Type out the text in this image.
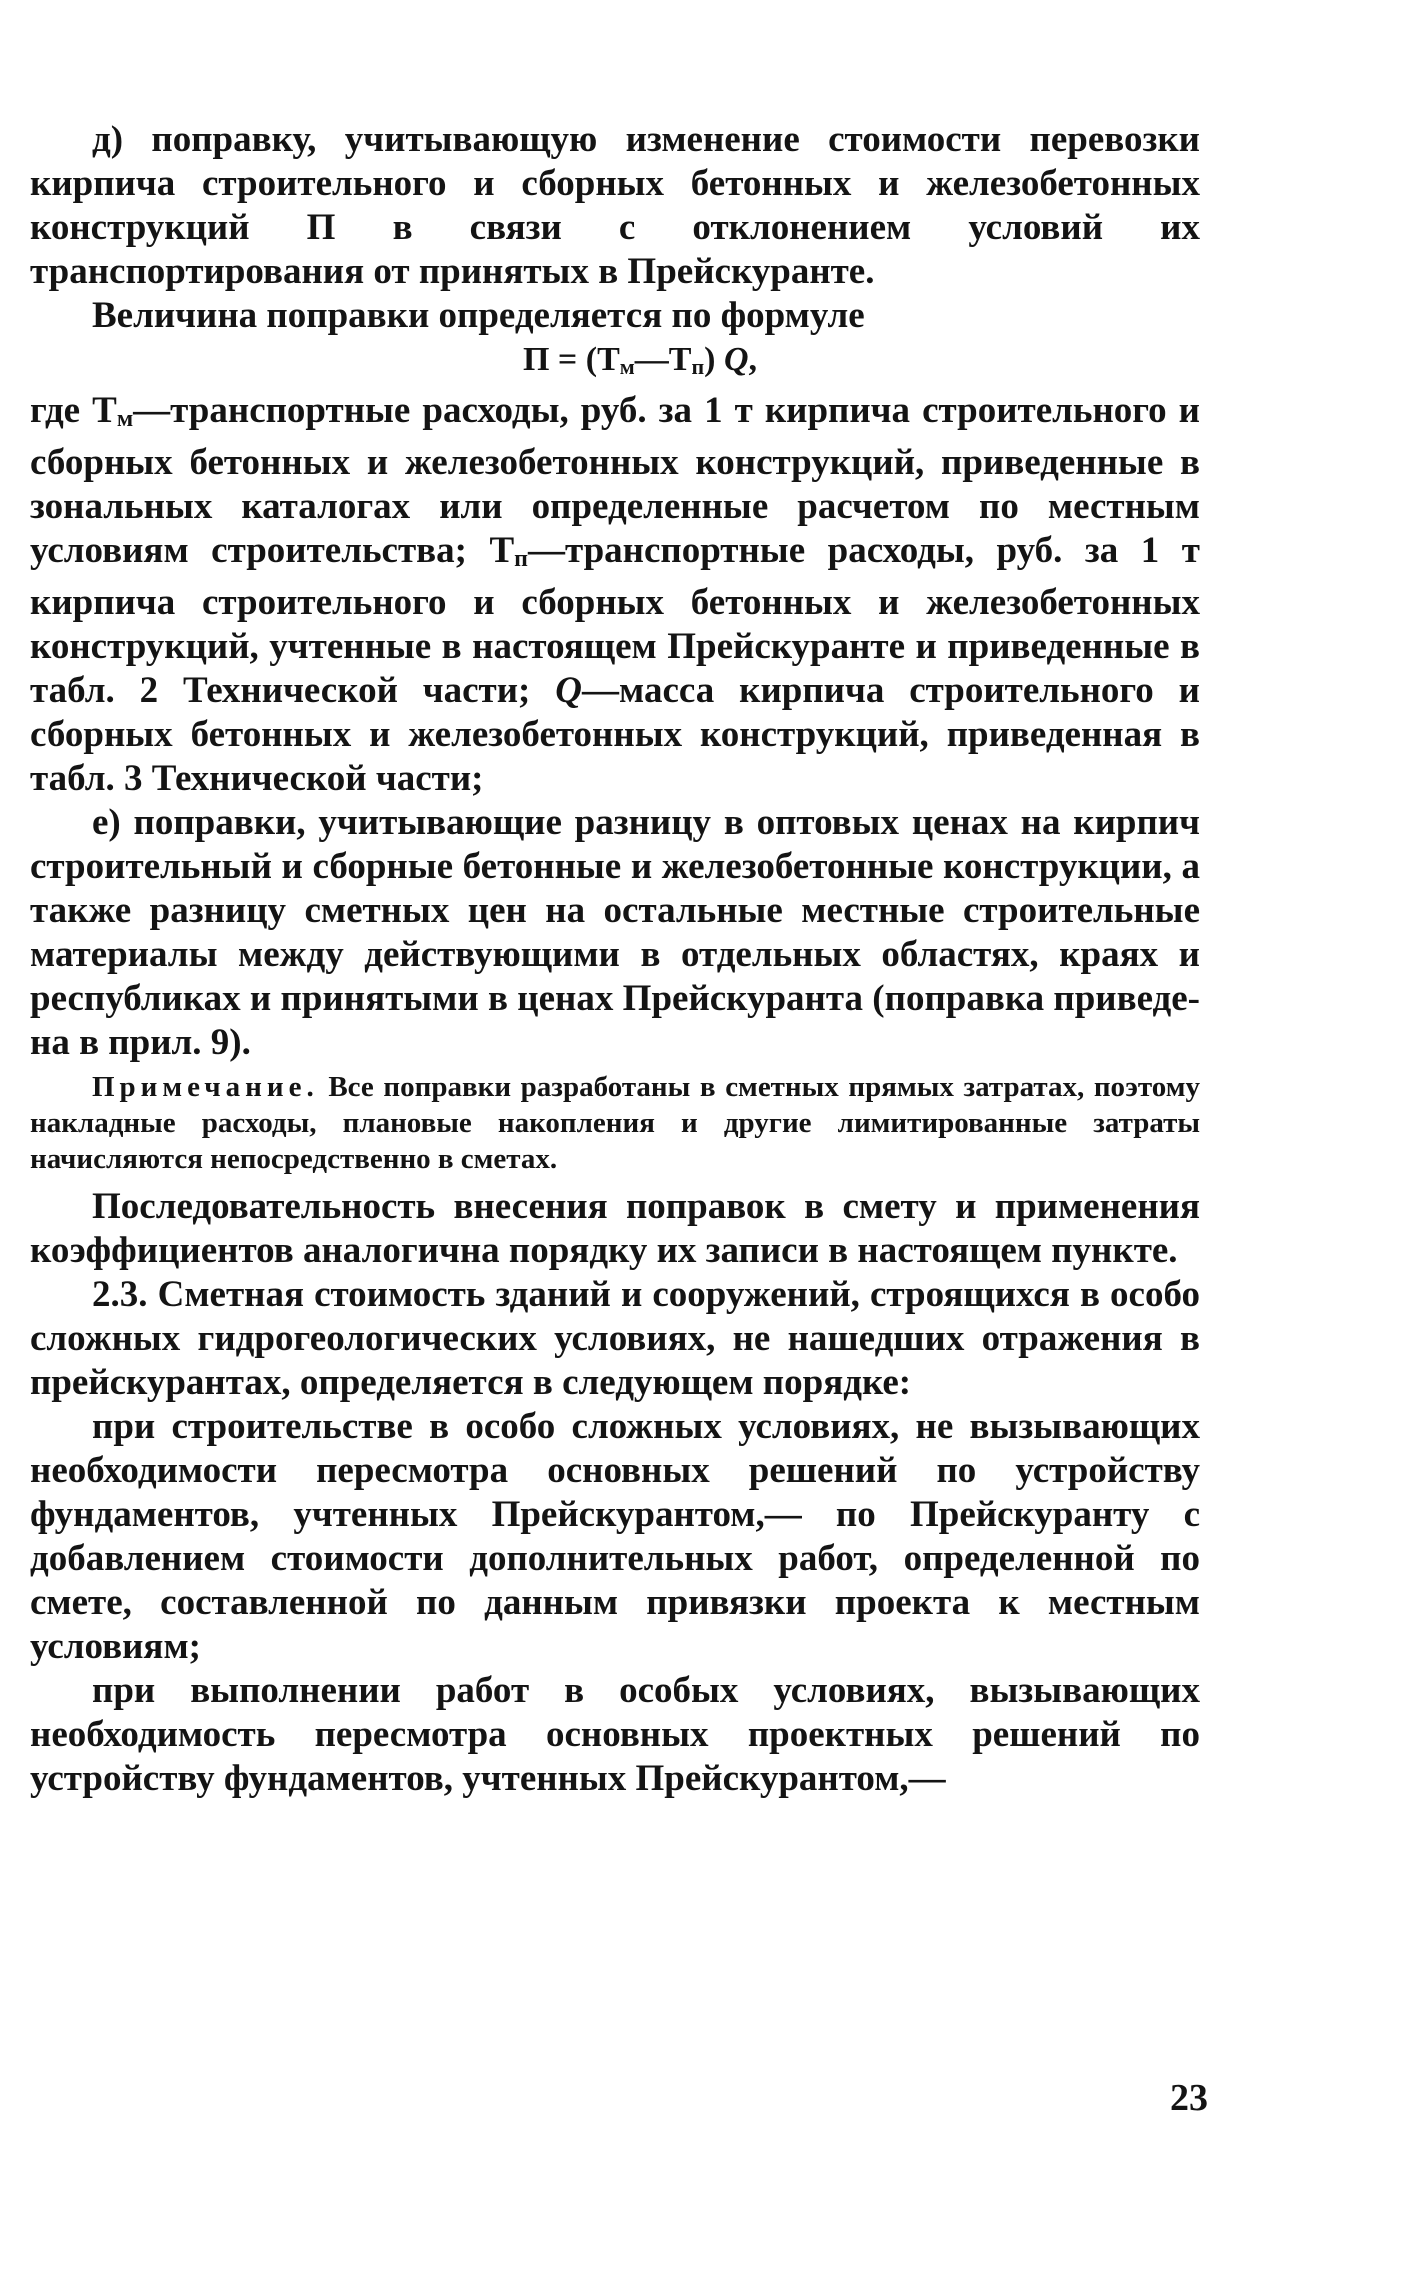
д) поправку, учитывающую изменение стоимости перевозки кирпича строительного и сборных бетонных и железобетонных конструкций П в связи с отклонением условий их транспортирования от принятых в Прейскуранте.

Величина поправки определяется по формуле

П = (Тм—Тп) Q,

где Тм—транспортные расходы, руб. за 1 т кирпича строительного и сборных бетонных и железобетонных конструкций, приведенные в зональных каталогах или определенные расчетом по местным условиям строительства; Тп—транспортные расходы, руб. за 1 т кирпича строительного и сборных бетонных и железобетонных конструкций, учтенные в настоящем Прейскуранте и приведенные в табл. 2 Технической части; Q—масса кирпича строительного и сборных бетонных и железобетонных конструкций, приведенная в табл. 3 Технической части;

е) поправки, учитывающие разницу в оптовых ценах на кирпич строительный и сборные бетонные и железобетонные конструкции, а также разницу сметных цен на остальные местные строительные материалы между действующими в отдельных областях, краях и республиках и принятыми в ценах Прейскуранта (поправка приведена в прил. 9).

Примечание. Все поправки разработаны в сметных прямых затратах, поэтому накладные расходы, плановые накопления и другие лимитированные затраты начисляются непосредственно в сметах.

Последовательность внесения поправок в смету и применения коэффициентов аналогична порядку их записи в настоящем пункте.

2.3. Сметная стоимость зданий и сооружений, строящихся в особо сложных гидрогеологических условиях, не нашедших отражения в прейскурантах, определяется в следующем порядке:

при строительстве в особо сложных условиях, не вызывающих необходимости пересмотра основных решений по устройству фундаментов, учтенных Прейскурантом,— по Прейскуранту с добавлением стоимости дополнительных работ, определенной по смете, составленной по данным привязки проекта к местным условиям;

при выполнении работ в особых условиях, вызывающих необходимость пересмотра основных проектных решений по устройству фундаментов, учтенных Прейскурантом,—

23
